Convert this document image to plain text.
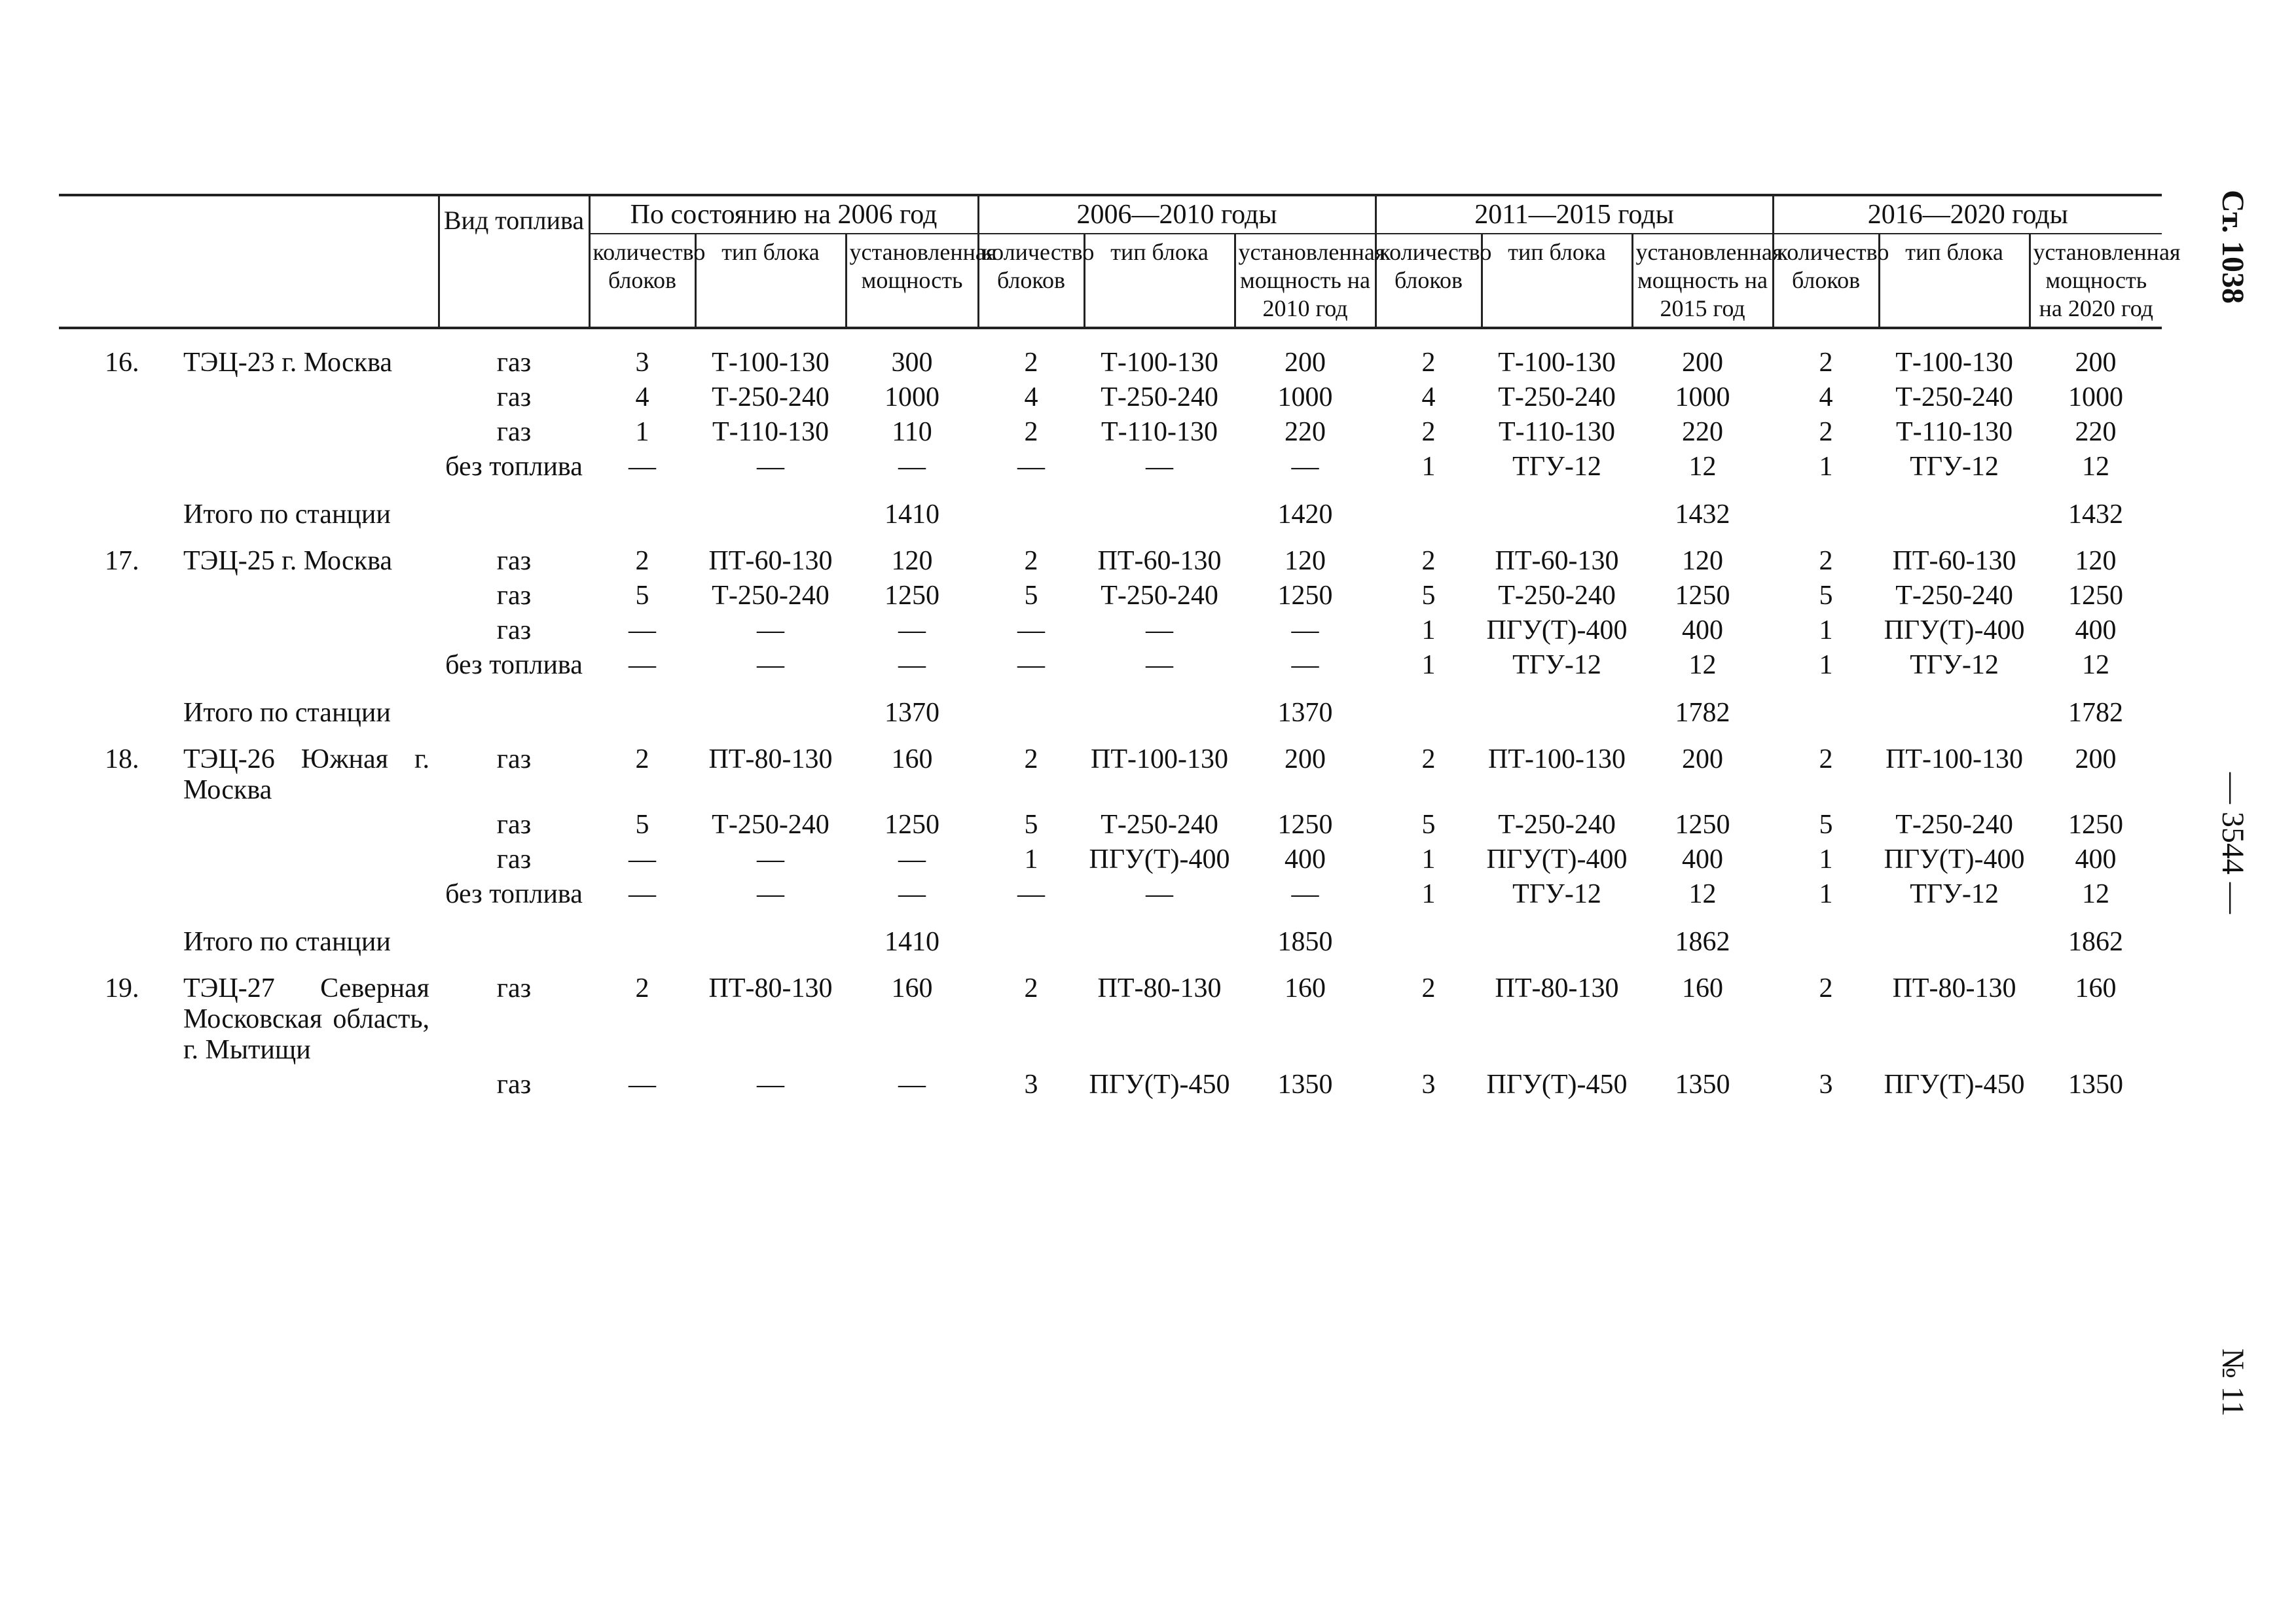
		Вид топлива	По состоянию на 2006 год			2006—2010 годы			2011—2015 годы			2016—2020 годы		
			количество блоков	тип блока	установленная мощность	количество блоков	тип блока	установленная мощность на 2010 год	количество блоков	тип блока	установленная мощность на 2015 год	количество блоков	тип блока	установленная мощность на 2020 год
16.	ТЭЦ-23 г. Москва	газ	3	Т-100-130	300	2	Т-100-130	200	2	Т-100-130	200	2	Т-100-130	200
		газ	4	Т-250-240	1000	4	Т-250-240	1000	4	Т-250-240	1000	4	Т-250-240	1000
		газ	1	Т-110-130	110	2	Т-110-130	220	2	Т-110-130	220	2	Т-110-130	220
		без топлива	—	—	—	—	—	—	1	ТГУ-12	12	1	ТГУ-12	12
	Итого по станции				1410			1420			1432			1432
17.	ТЭЦ-25 г. Москва	газ	2	ПТ-60-130	120	2	ПТ-60-130	120	2	ПТ-60-130	120	2	ПТ-60-130	120
		газ	5	Т-250-240	1250	5	Т-250-240	1250	5	Т-250-240	1250	5	Т-250-240	1250
		газ	—	—	—	—	—	—	1	ПГУ(Т)-400	400	1	ПГУ(Т)-400	400
		без топлива	—	—	—	—	—	—	1	ТГУ-12	12	1	ТГУ-12	12
	Итого по станции				1370			1370			1782			1782
18.	ТЭЦ-26 Южная г. Москва	газ	2	ПТ-80-130	160	2	ПТ-100-130	200	2	ПТ-100-130	200	2	ПТ-100-130	200
		газ	5	Т-250-240	1250	5	Т-250-240	1250	5	Т-250-240	1250	5	Т-250-240	1250
		газ	—	—	—	1	ПГУ(Т)-400	400	1	ПГУ(Т)-400	400	1	ПГУ(Т)-400	400
		без топлива	—	—	—	—	—	—	1	ТГУ-12	12	1	ТГУ-12	12
	Итого по станции				1410			1850			1862			1862
19.	ТЭЦ-27 Северная Московская область, г. Мытищи	газ	2	ПТ-80-130	160	2	ПТ-80-130	160	2	ПТ-80-130	160	2	ПТ-80-130	160
		газ	—	—	—	3	ПГУ(Т)-450	1350	3	ПГУ(Т)-450	1350	3	ПГУ(Т)-450	1350
Ст. 1038
— 3544 —
№ 11
